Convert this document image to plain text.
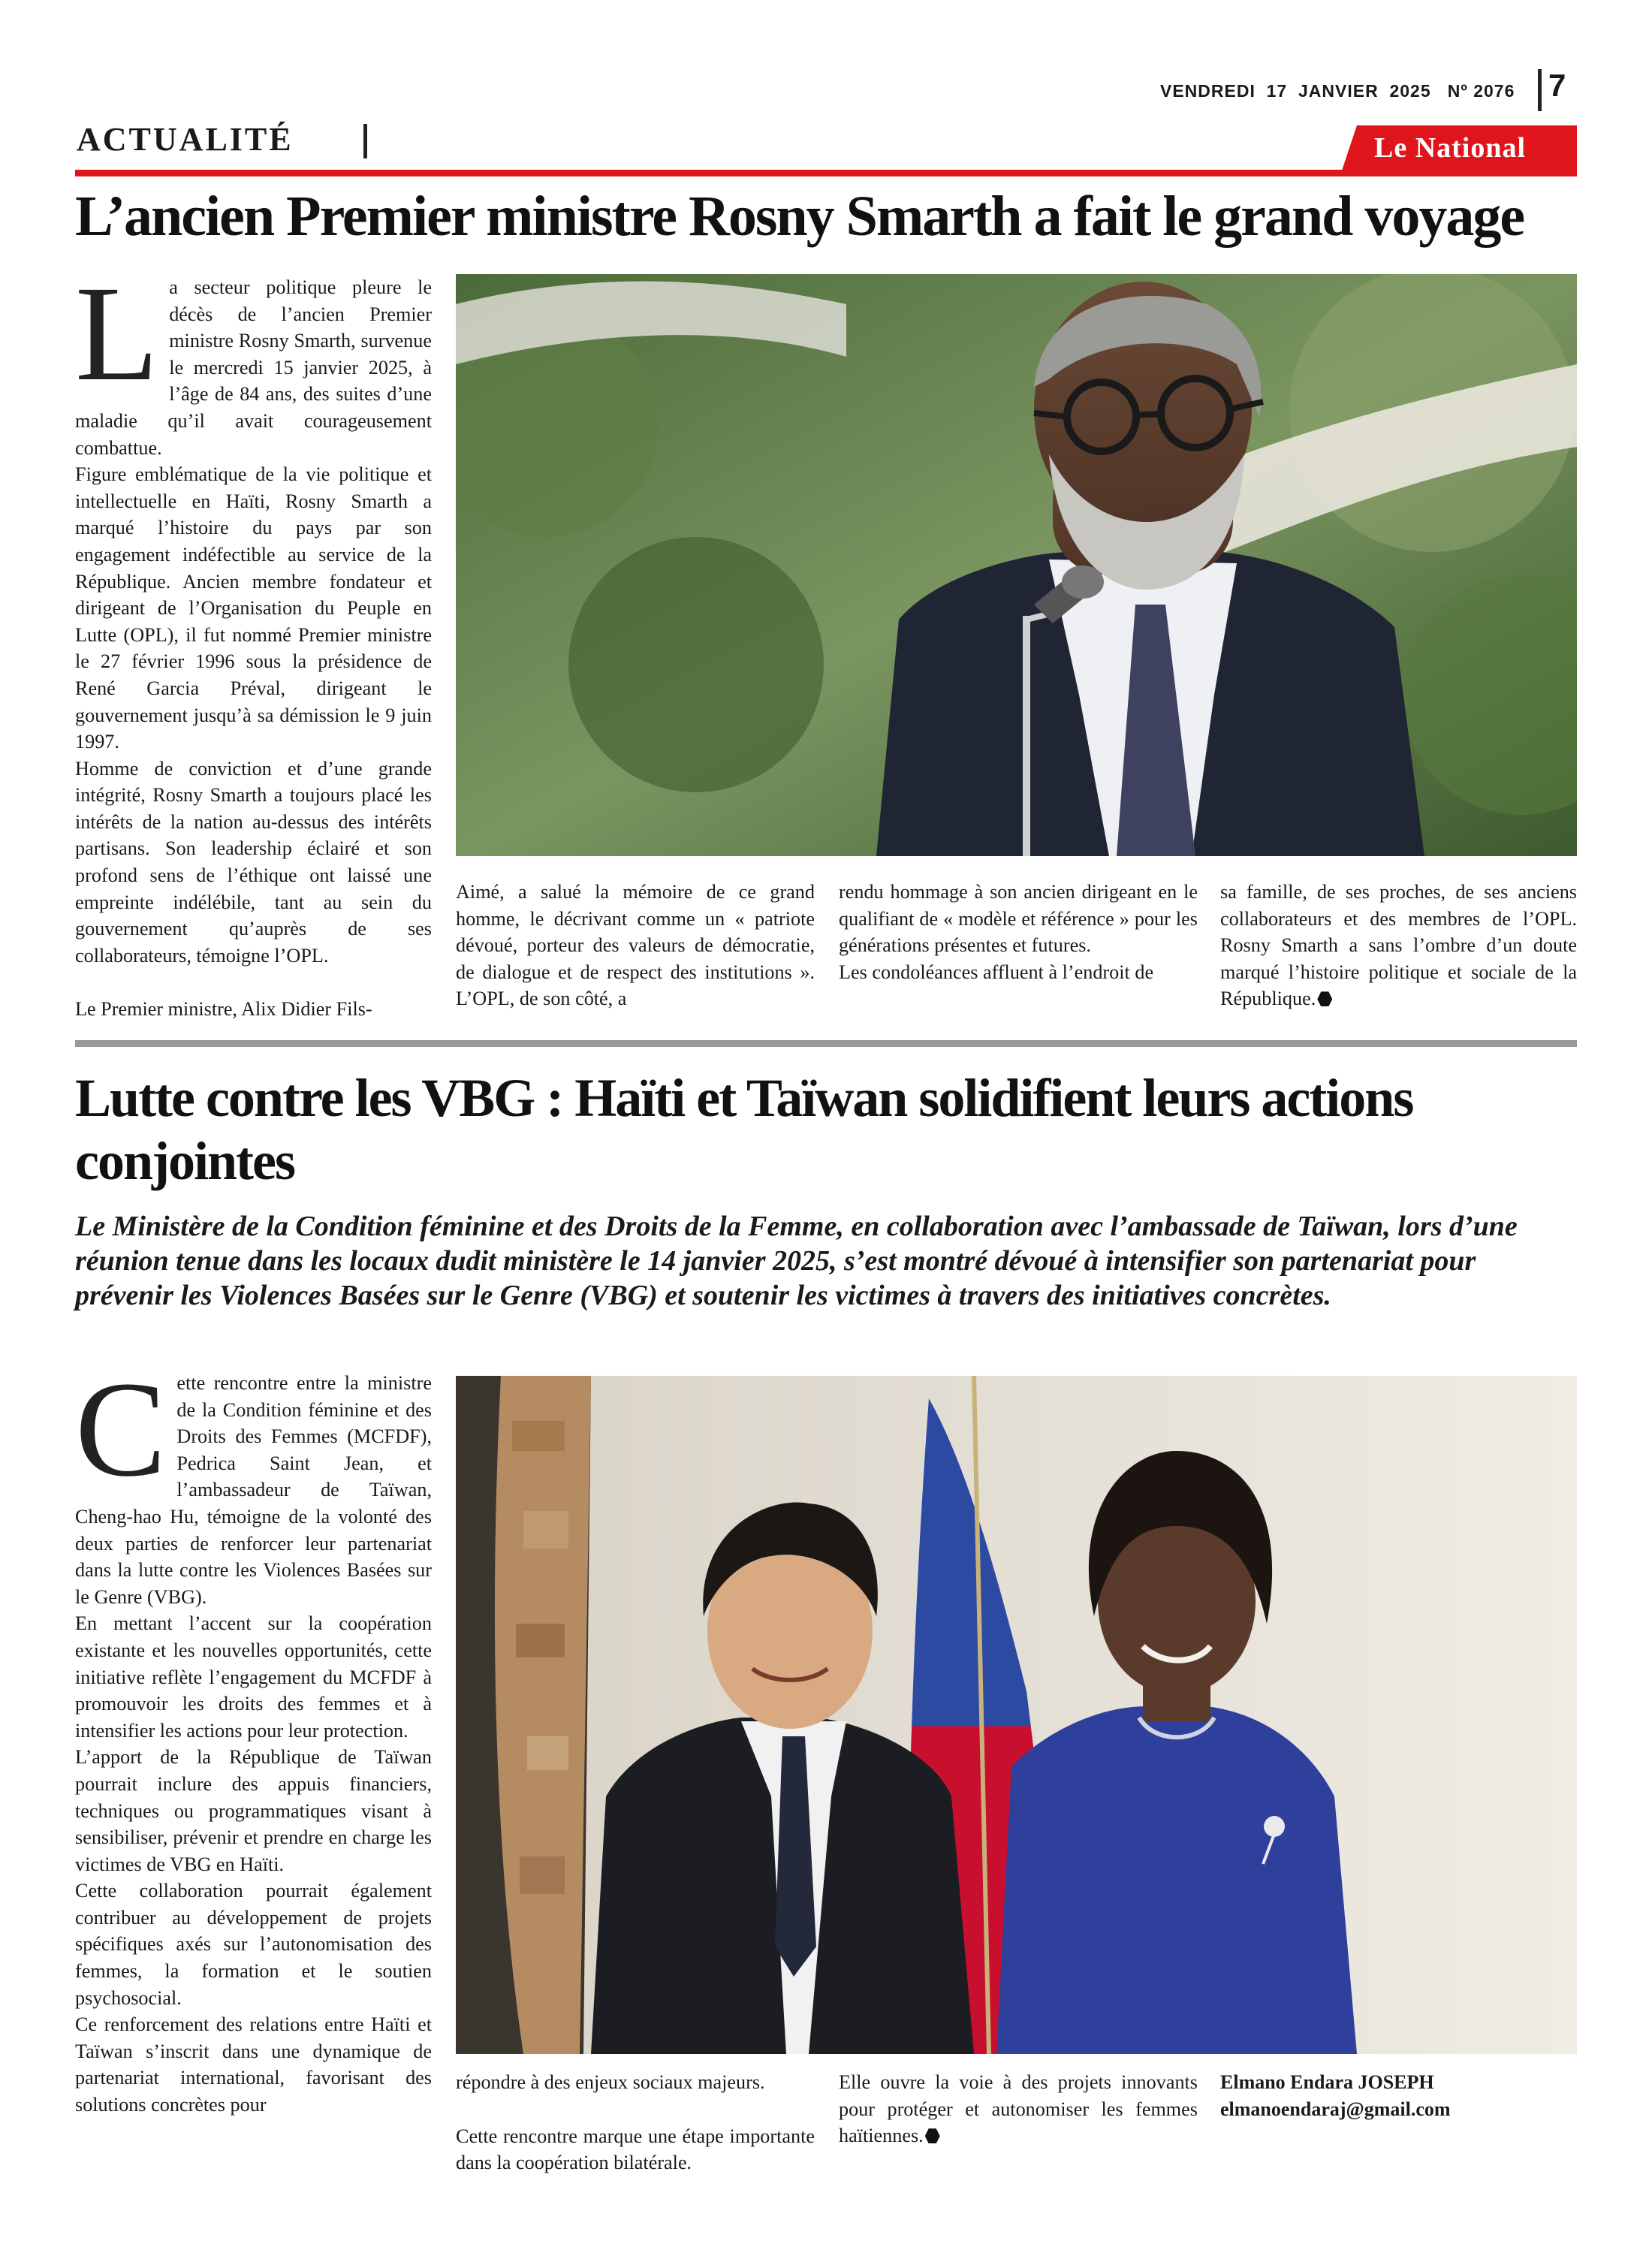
VENDREDI  17  JANVIER  2025   Nº 2076	7
ACTUALITÉ	Le National
L’ancien Premier ministre Rosny Smarth a fait le grand voyage
L a secteur politique pleure le décès de l’ancien Premier ministre Rosny Smarth, survenue le mercredi 15 janvier 2025, à l’âge de 84 ans, des suites d’une maladie qu’il avait courageusement combattue.

Figure emblématique de la vie politique et intellectuelle en Haïti, Rosny Smarth a marqué l’histoire du pays par son engagement indéfectible au service de la République. Ancien membre fondateur et dirigeant de l’Organisation du Peuple en Lutte (OPL), il fut nommé Premier ministre le 27 février 1996 sous la présidence de René Garcia Préval, dirigeant le gouvernement jusqu’à sa démission le 9 juin 1997.

Homme de conviction et d’une grande intégrité, Rosny Smarth a toujours placé les intérêts de la nation au-dessus des intérêts partisans. Son leadership éclairé et son profond sens de l’éthique ont laissé une empreinte indélébile, tant au sein du gouvernement qu’auprès de ses collaborateurs, témoigne l’OPL.

Le Premier ministre, Alix Didier Fils-

Aimé, a salué la mémoire de ce grand homme, le décrivant comme un « patriote dévoué, porteur des valeurs de démocratie, de dialogue et de respect des institutions ». L’OPL, de son côté, a

rendu hommage à son ancien dirigeant en le qualifiant de « modèle et référence » pour les générations présentes et futures.

Les condoléances affluent à l’endroit de

sa famille, de ses proches, de ses anciens collaborateurs et des membres de l’OPL. Rosny Smarth a sans l’ombre d’un doute marqué l’histoire politique et sociale de la République.

Lutte contre les VBG : Haïti et Taïwan solidifient leurs actions conjointes
Le Ministère de la Condition féminine et des Droits de la Femme, en collaboration avec l’ambassade de Taïwan, lors d’une réunion tenue dans les locaux dudit ministère le 14 janvier 2025, s’est montré dévoué à intensifier son partenariat pour prévenir les Violences Basées sur le Genre (VBG) et soutenir les victimes à travers des initiatives concrètes.
C ette rencontre entre la ministre de la Condition féminine et des Droits des Femmes (MCFDF), Pedrica Saint Jean, et l’ambassadeur de Taïwan, Cheng-hao Hu, témoigne de la volonté des deux parties de renforcer leur partenariat dans la lutte contre les Violences Basées sur le Genre (VBG).

En mettant l’accent sur la coopération existante et les nouvelles opportunités, cette initiative reflète l’engagement du MCFDF à promouvoir les droits des femmes et à intensifier les actions pour leur protection.

L’apport de la République de Taïwan pourrait inclure des appuis financiers, techniques ou programmatiques visant à sensibiliser, prévenir et prendre en charge les victimes de VBG en Haïti.

Cette collaboration pourrait également contribuer au développement de projets spécifiques axés sur l’autonomisation des femmes, la formation et le soutien psychosocial.

Ce renforcement des relations entre Haïti et Taïwan s’inscrit dans une dynamique de partenariat international, favorisant des solutions concrètes pour

répondre à des enjeux sociaux majeurs.

Cette rencontre marque une étape importante dans la coopération bilatérale.

Elle ouvre la voie à des projets innovants pour protéger et autonomiser les femmes haïtiennes.

Elmano Endara JOSEPH
elmanoendaraj@gmail.com
